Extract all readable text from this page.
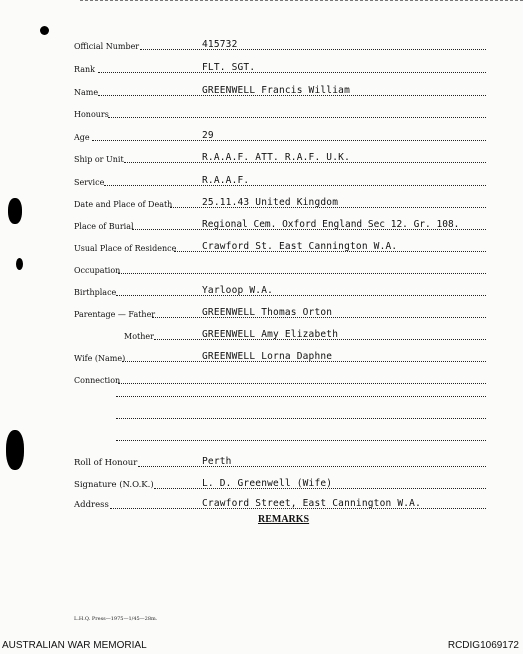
Official Number	415732
Rank	FLT. SGT.
Name	GREENWELL Francis William
Honours
Age	29
Ship or Unit	R.A.A.F. ATT. R.A.F. U.K.
Service	R.A.A.F.
Date and Place of Death	25.11.43 United Kingdom
Place of Burial	Regional Cem. Oxford England Sec 12. Gr. 108.
Usual Place of Residence	Crawford St. East Cannington W.A.
Occupation
Birthplace	Yarloop W.A.
Parentage — Father	GREENWELL Thomas Orton
Mother	GREENWELL Amy Elizabeth
Wife (Name)	GREENWELL Lorna Daphne
Connection
Roll of Honour	Perth
Signature (N.O.K.)	L. D. Greenwell (Wife)
Address	Crawford Street, East Cannington W.A.
REMARKS
L.H.Q. Press—1975—1/45—28m.
AUSTRALIAN WAR MEMORIAL	RCDIG1069172
